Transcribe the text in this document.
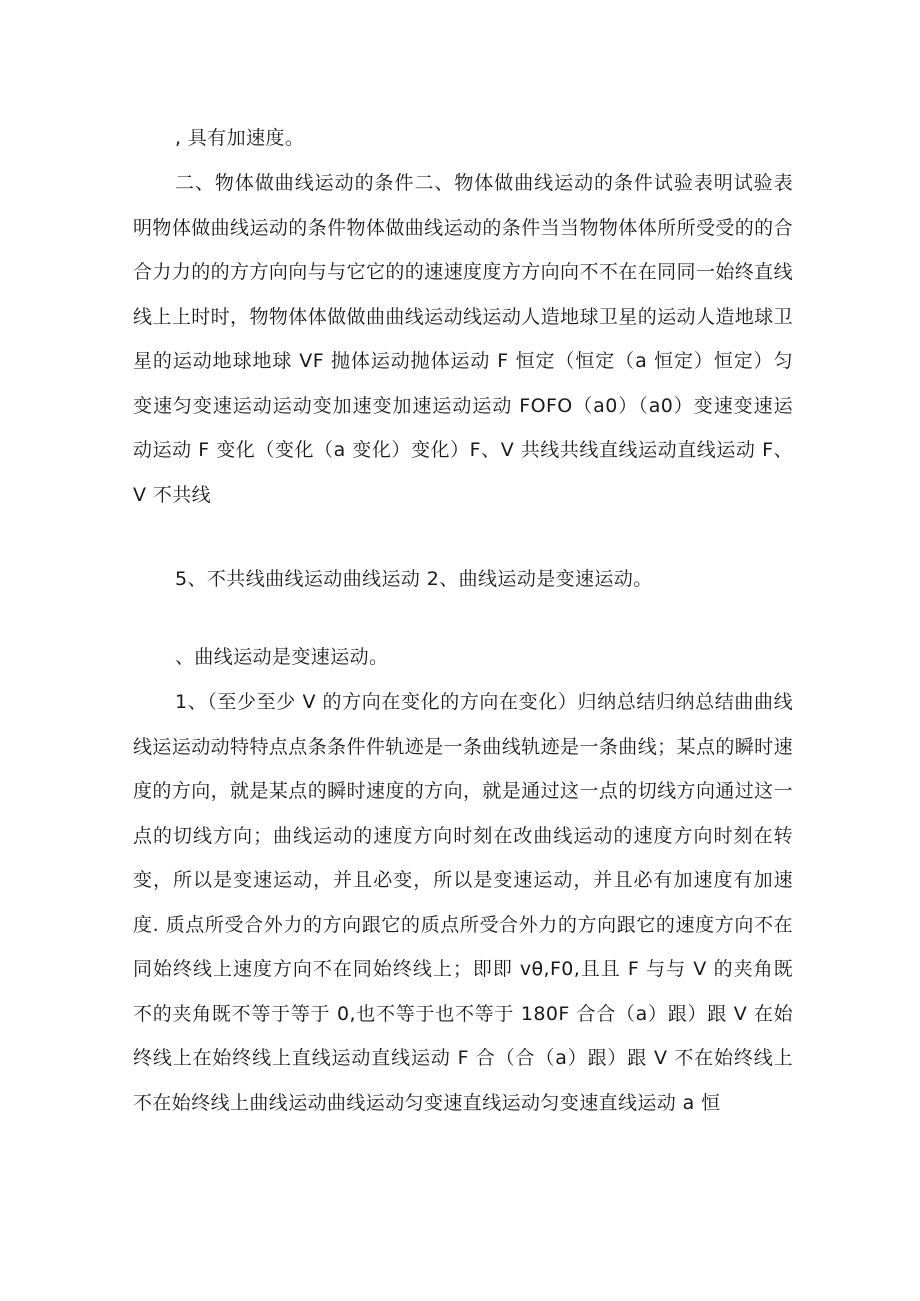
, 具有加速度。

二、物体做曲线运动的条件二、物体做曲线运动的条件试验表明试验表明物体做曲线运动的条件物体做曲线运动的条件当当物物体体所所受受的的合合力力的的方方向向与与它它的的速速度度方方向向不不在在同同一始终直线线上上时时，物物体体做做曲曲线运动线运动人造地球卫星的运动人造地球卫星的运动地球地球 VF 抛体运动抛体运动 F 恒定（恒定（a 恒定）恒定）匀变速匀变速运动运动变加速变加速运动运动 FOFO（a0）（a0）变速变速运动运动 F 变化（变化（a 变化）变化）F、V 共线共线直线运动直线运动 F、V 不共线

5、不共线曲线运动曲线运动 2、曲线运动是变速运动。

、曲线运动是变速运动。

1、（至少至少 V 的方向在变化的方向在变化）归纳总结归纳总结曲曲线线运运动动特特点点条条件件轨迹是一条曲线轨迹是一条曲线；某点的瞬时速度的方向，就是某点的瞬时速度的方向，就是通过这一点的切线方向通过这一点的切线方向；曲线运动的速度方向时刻在改曲线运动的速度方向时刻在转变，所以是变速运动，并且必变，所以是变速运动，并且必有加速度有加速度. 质点所受合外力的方向跟它的质点所受合外力的方向跟它的速度方向不在同始终线上速度方向不在同始终线上；即即 vθ,F0,且且 F 与与 V 的夹角既不的夹角既不等于等于 0,也不等于也不等于 180F 合合（a）跟）跟 V 在始终线上在始终线上直线运动直线运动 F 合（合（a）跟）跟 V 不在始终线上不在始终线上曲线运动曲线运动匀变速直线运动匀变速直线运动 a 恒
